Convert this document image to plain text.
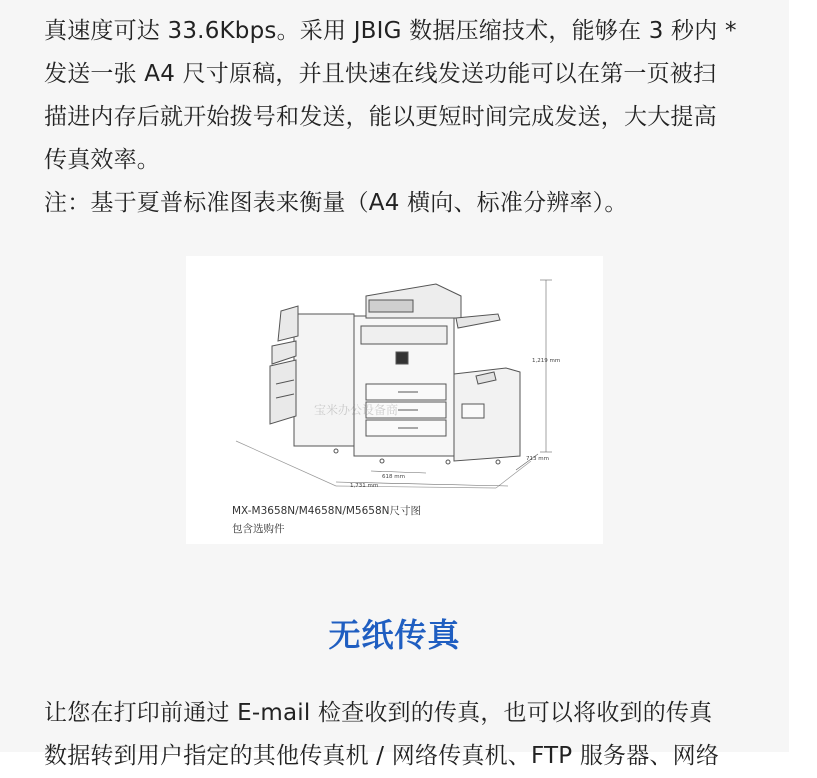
真速度可达 33.6Kbps。采用 JBIG 数据压缩技术，能够在 3 秒内 *
发送一张 A4 尺寸原稿，并且快速在线发送功能可以在第一页被扫
描进内存后就开始拨号和发送，能以更短时间完成发送，大大提高
传真效率。
注：基于夏普标准图表来衡量（A4 横向、标准分辨率）。

1,219 mm
713 mm
618 mm
1,731 mm
宝米办公设备商
MX-M3658N/M4658N/M5658N尺寸图
包含选购件
无纸传真

让您在打印前通过 E-mail 检查收到的传真，也可以将收到的传真
数据转到用户指定的其他传真机 / 网络传真机、FTP 服务器、网络
